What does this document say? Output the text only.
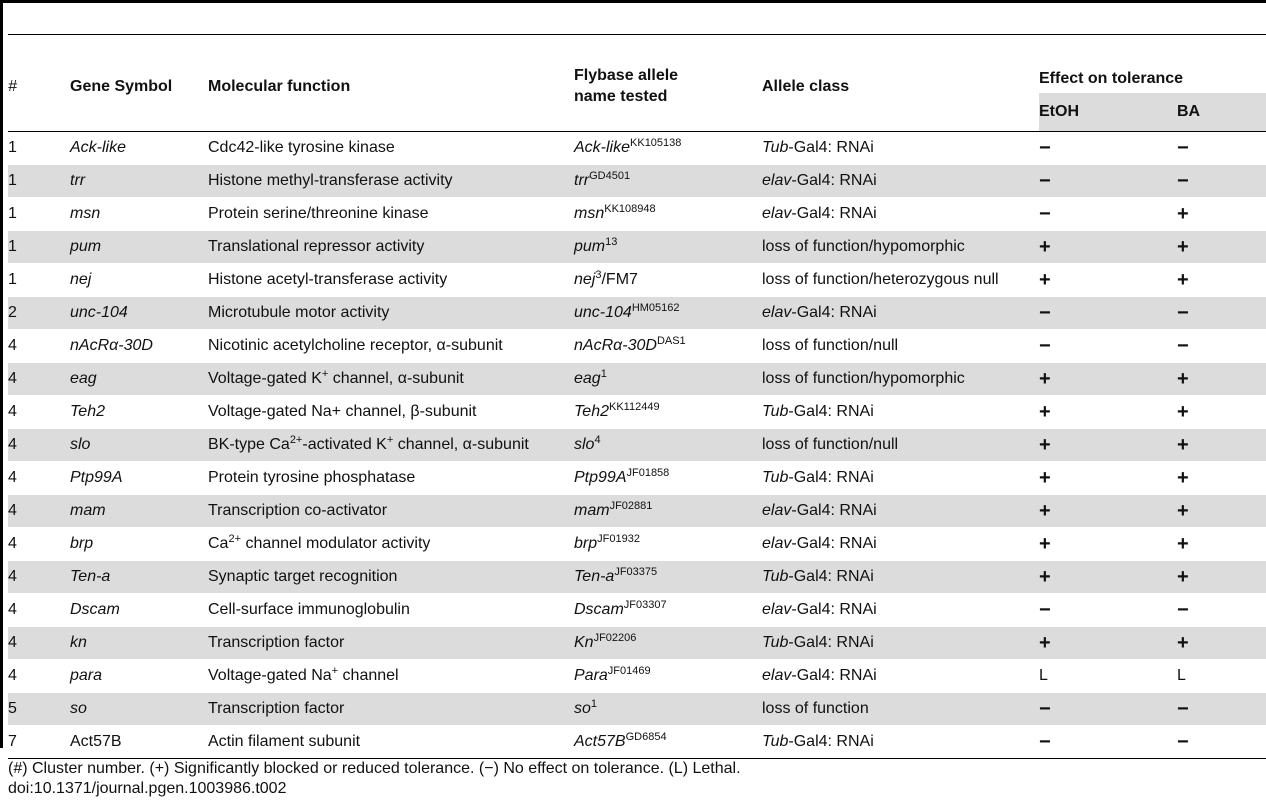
#	Gene Symbol	Molecular function	Flybase allele
name tested	Allele class	Effect on tolerance	

					EtOH	BA
1	Ack-like	Cdc42-like tyrosine kinase	Ack-like$^{KK105138}$	Tub-Gal4: RNAi	−	−
1	trr	Histone methyl-transferase activity	trr$^{GD4501}$	elav-Gal4: RNAi	−	−
1	msn	Protein serine/threonine kinase	msn$^{KK108948}$	elav-Gal4: RNAi	−	+
1	pum	Translational repressor activity	pum$^{13}$	loss of function/hypomorphic	+	+
1	nej	Histone acetyl-transferase activity	nej$^3$/FM7	loss of function/heterozygous null	+	+
2	unc-104	Microtubule motor activity	unc-$104^{HM05162}$	elav-Gal4: RNAi	−	−
4	nAcRα-30D	Nicotinic acetylcholine receptor, α-subunit	nAcRα-$30D^{DAS1}$	loss of function/null	−	−
4	eag	Voltage-gated K+ channel, α-subunit	eag$^1$	loss of function/hypomorphic	+	+
4	Teh2	Voltage-gated Na+ channel, β-subunit	$Teh2^{KK112449}$	Tub-Gal4: RNAi	+	+
4	slo	BK-type $Ca^{2+}$-activated K+ channel, α-subunit	slo$^4$	loss of function/null	+	+
4	Ptp99A	Protein tyrosine phosphatase	$Ptp99A^{JF01858}$	Tub-Gal4: RNAi	+	+
4	mam	Transcription co-activator	mam$^{JF02881}$	elav-Gal4: RNAi	+	+
4	brp	$Ca^{2+}$ channel modulator activity	brp$^{JF01932}$	elav-Gal4: RNAi	+	+
4	Ten-a	Synaptic target recognition	Ten-$a^{JF03375}$	Tub-Gal4: RNAi	+	+
4	Dscam	Cell-surface immunoglobulin	Dscam$^{JF03307}$	elav-Gal4: RNAi	−	−
4	kn	Transcription factor	$Kn^{JF02206}$	Tub-Gal4: RNAi	+	+
4	para	Voltage-gated Na+ channel	Para$^{JF01469}$	elav-Gal4: RNAi	L	L
5	so	Transcription factor	$so^1$	loss of function	−	−
7	Act57B	Actin filament subunit	$Act57B^{GD6854}$	Tub-Gal4: RNAi	−	−
(#) Cluster number. (+) Significantly blocked or reduced tolerance. (−) No effect on tolerance. (L) Lethal.
doi:10.1371/journal.pgen.1003986.t002
